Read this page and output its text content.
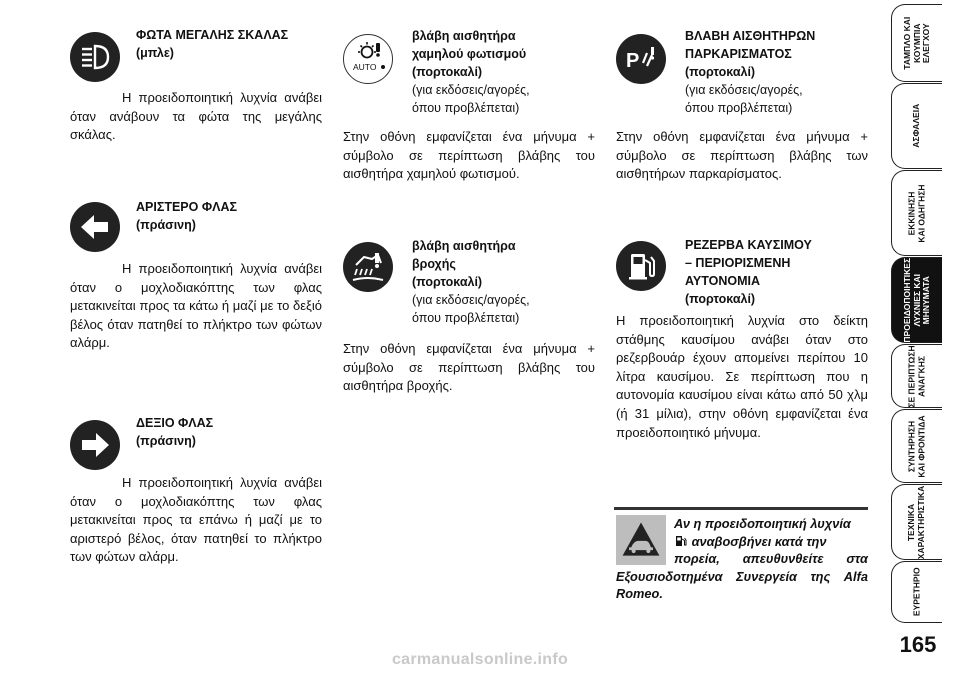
ΦΩΤΑ ΜΕΓΑΛΗΣ ΣΚΑΛΑΣ
(μπλε)
Η προειδοποιητική λυχνία ανάβει όταν ανάβουν τα φώτα της μεγάλης σκάλας.
ΑΡΙΣΤΕΡΟ ΦΛΑΣ
(πράσινη)
Η προειδοποιητική λυχνία ανάβει όταν ο μοχλοδιακόπτης των φλας μετακινείται προς τα κάτω ή μαζί με το δεξιό βέλος όταν πατηθεί το πλήκτρο των φώτων αλάρμ.
ΔΕΞΙΟ ΦΛΑΣ
(πράσινη)
Η προειδοποιητική λυχνία ανάβει όταν ο μοχλοδιακόπτης των φλας μετακινείται προς τα επάνω ή μαζί με το αριστερό βέλος, όταν πατηθεί το πλήκτρο των φώτων αλάρμ.
AUTO
βλάβη αισθητήρα
χαμηλού φωτισμού
(πορτοκαλί)
(για εκδόσεις/αγορές,
όπου προβλέπεται)
Στην οθόνη εμφανίζεται ένα μήνυμα + σύμβολο σε περίπτωση βλάβης του αισθητήρα χαμηλού φωτισμού.
βλάβη αισθητήρα
βροχής
(πορτοκαλί)
(για εκδόσεις/αγορές,
όπου προβλέπεται)
Στην οθόνη εμφανίζεται ένα μήνυμα + σύμβολο σε περίπτωση βλάβης του αισθητήρα βροχής.
P
ΒΛΑΒΗ ΑΙΣΘΗΤΗΡΩΝ
ΠΑΡΚΑΡΙΣΜΑΤΟΣ
(πορτοκαλί)
(για εκδόσεις/αγορές,
όπου προβλέπεται)
Στην οθόνη εμφανίζεται ένα μήνυμα + σύμβολο σε περίπτωση βλάβης των αισθητήρων παρκαρίσματος.
ΡΕΖΕΡΒΑ ΚΑΥΣΙΜΟΥ
– ΠΕΡΙΟΡΙΣΜΕΝΗ
ΑΥΤΟΝΟΜΙΑ
(πορτοκαλί)
Η προειδοποιητική λυχνία στο δείκτη στάθμης καυσίμου ανάβει όταν στο ρεζερβουάρ έχουν απομείνει περίπου 10 λίτρα καυσίμου. Σε περίπτωση που η αυτονομία καυσίμου είναι κάτω από 50 χλμ (ή 31 μίλια), στην οθόνη εμφανίζεται ένα προειδοποιητικό μήνυμα.
Αν η προειδοποιητική λυχνία
αναβοσβήνει κατά την
πορεία, απευθυνθείτε στα Εξουσιοδοτημένα Συνεργεία της Alfa Romeo.
ΤΑΜΠΛΟ ΚΑΙ ΚΟΥΜΠΙΑ ΕΛΕΓΧΟΥ
ΑΣΦΑΛΕΙΑ
ΕΚΚΙΝΗΣΗ ΚΑΙ ΟΔΗΓΗΣΗ
ΠΡΟΕΙΔΟΠΟΙΗΤΙΚΕΣ ΛΥΧΝΙΕΣ ΚΑΙ ΜΗΝΥΜΑΤΑ
ΣΕ ΠΕΡΙΠΤΩΣΗ ΑΝΑΓΚΗΣ
ΣΥΝΤΗΡΗΣΗ ΚΑΙ ΦΡΟΝΤΙΔΑ
ΤΕΧΝΙΚΑ ΧΑΡΑΚΤΗΡΙΣΤΙΚΑ
ΕΥΡΕΤΗΡΙΟ
165
carmanualsonline.info
